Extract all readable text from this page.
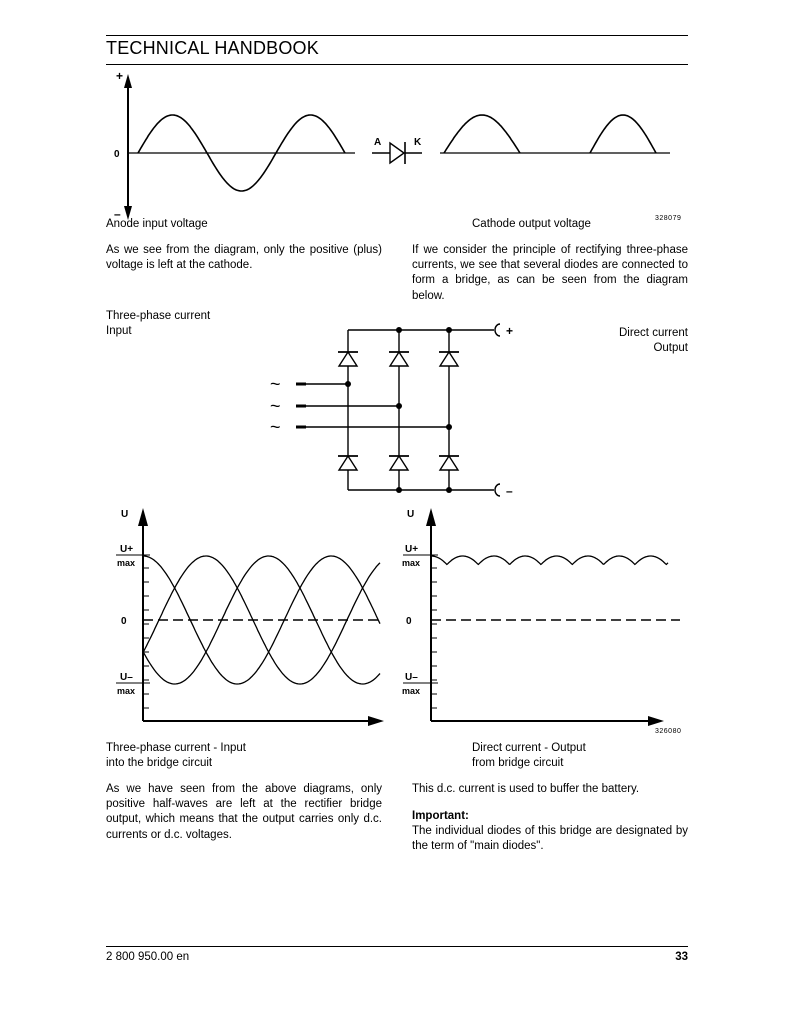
TECHNICAL HANDBOOK
+
0
–
A	K
Anode input voltage	Cathode output voltage	328079
As we see from the diagram, only the positive (plus) voltage is left at the cathode.
If we consider the principle of rectifying three-phase currents, we see that several diodes are connected to form a bridge, as can be seen from the diagram below.
Three-phase current
Input	Direct current
Output
~
~
~
+
–
U
U+
max
0
U–
max
U
U+
max
0
U–
max
326080
Three-phase current - Input
into the bridge circuit
Direct current - Output
from bridge circuit
As we have seen from the above diagrams, only positive half-waves are left at the rectifier bridge output, which means that the output carries only d.c. currents or d.c. voltages.
This d.c. current is used to buffer the battery.
Important:
The individual diodes of this bridge are designated by the term of "main diodes".
2 800 950.00 en	33
